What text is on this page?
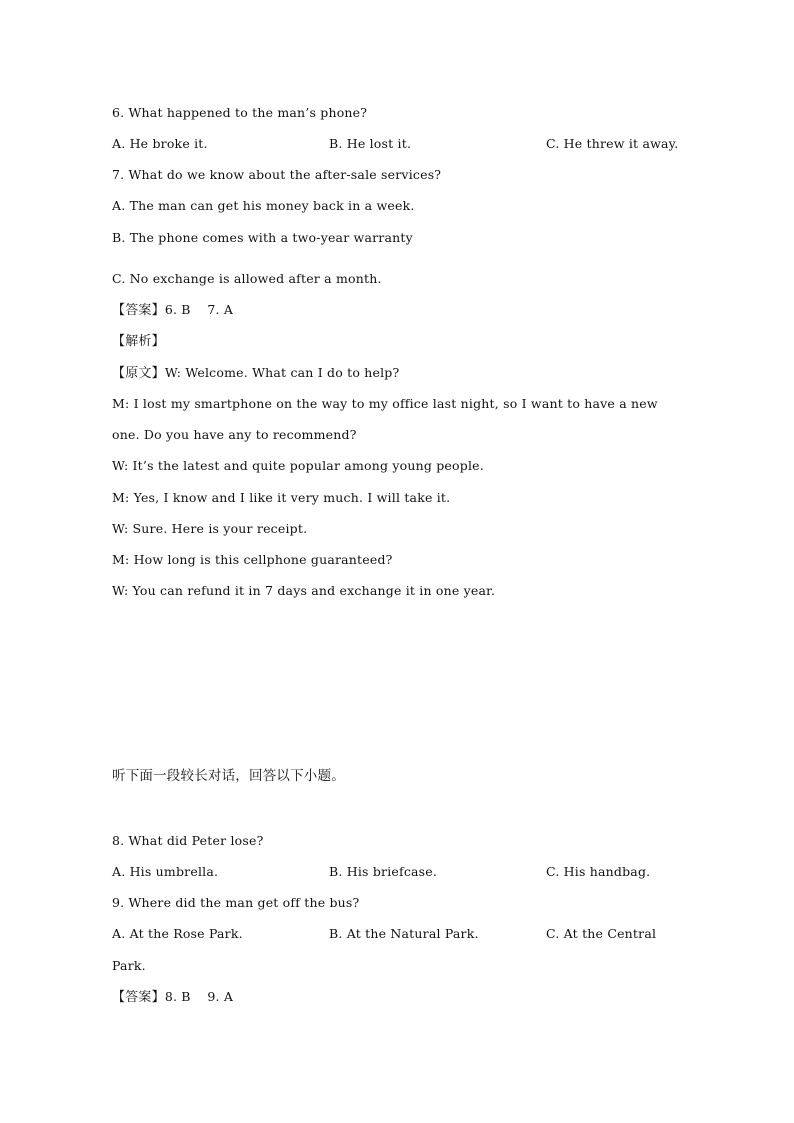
6. What happened to the man’s phone?
A. He broke it.	B. He lost it.	C. He threw it away.
7. What do we know about the after-sale services?
A. The man can get his money back in a week.
B. The phone comes with a two-year warranty
C. No exchange is allowed after a month.
【答案】6. B    7. A
【解析】
【原文】W: Welcome. What can I do to help?
M: I lost my smartphone on the way to my office last night, so I want to have a new
one. Do you have any to recommend?
W: It’s the latest and quite popular among young people.
M: Yes, I know and I like it very much. I will take it.
W: Sure. Here is your receipt.
M: How long is this cellphone guaranteed?
W: You can refund it in 7 days and exchange it in one year.
听下面一段较长对话，回答以下小题。
8. What did Peter lose?
A. His umbrella.	B. His briefcase.	C. His handbag.
9. Where did the man get off the bus?
A. At the Rose Park.	B. At the Natural Park.	C. At the Central
Park.
【答案】8. B    9. A
